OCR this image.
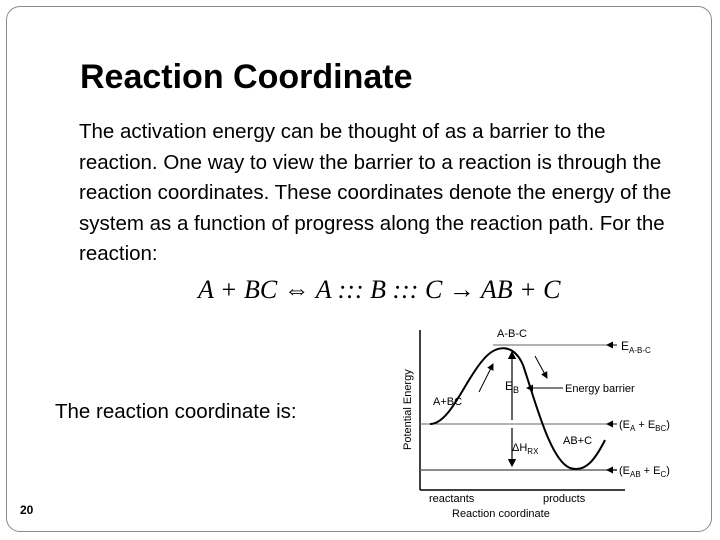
Reaction Coordinate
The activation energy can be thought of as a barrier to the reaction. One way to view the barrier to a reaction is through the reaction coordinates. These coordinates denote the energy of the system as a function of progress along the reaction path. For the reaction:
A + BC ⇔ A ::: B ::: C → AB + C
The reaction coordinate is:
20
Potential Energy
A-B-C
A+BC
AB+C
$E_B$
$\Delta H_{RX}$
Energy barrier
$E_{A-B-C}$
$(E_A + E_{BC})$
$(E_{AB} + E_C)$
reactants	products
Reaction coordinate
